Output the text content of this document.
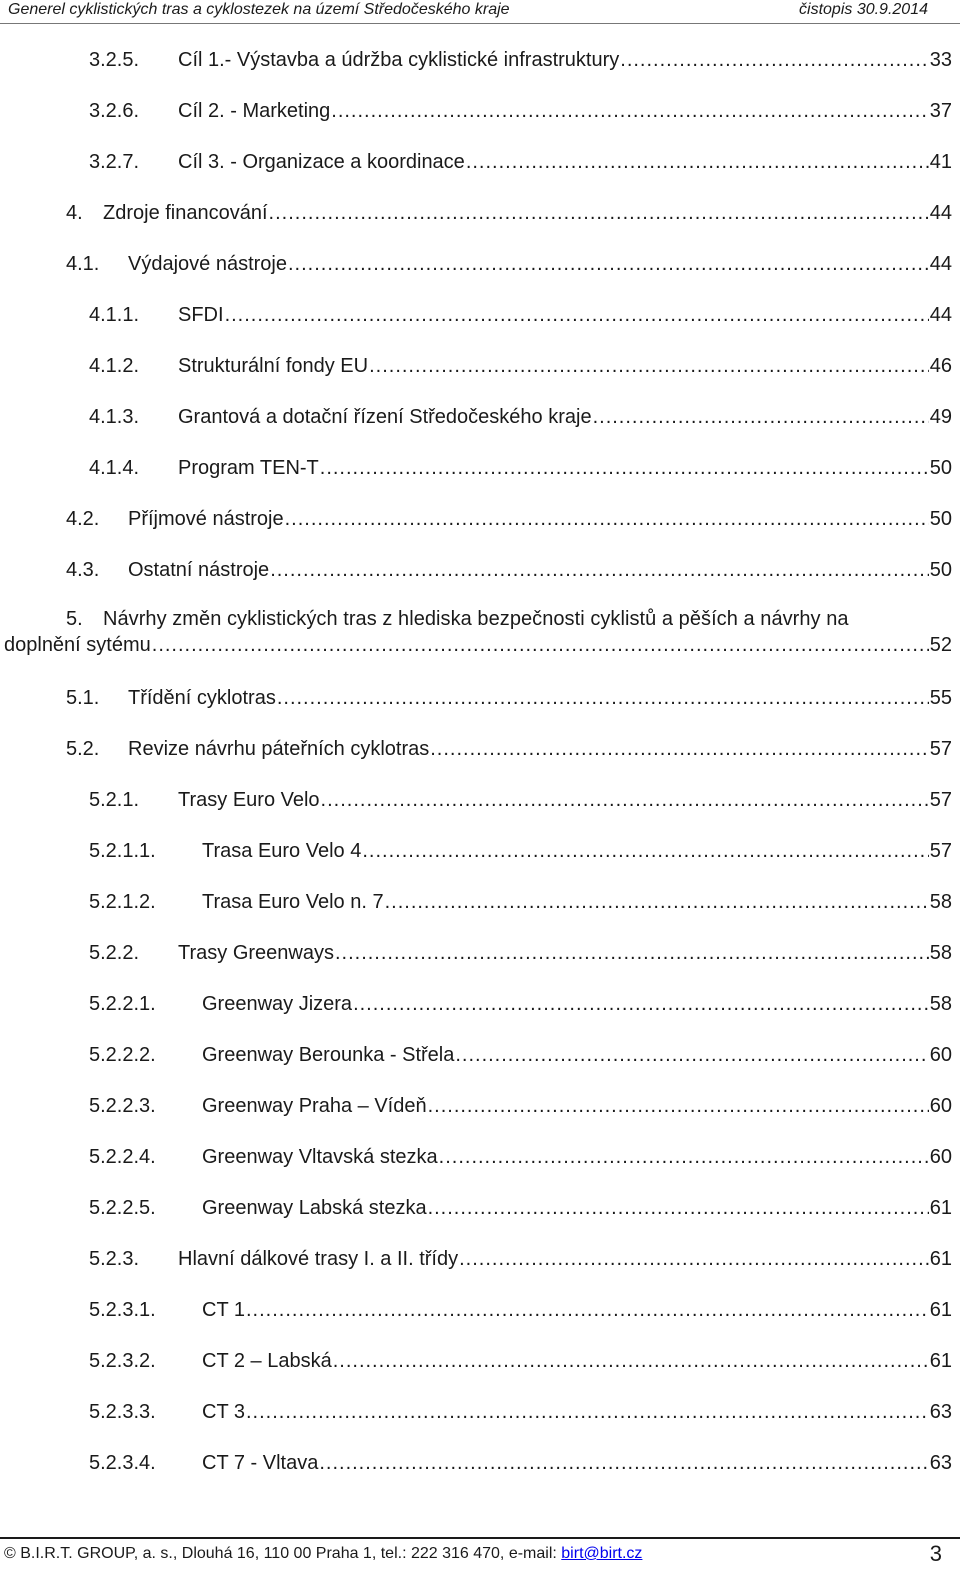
Generel cyklistických tras a cyklostezek na území Středočeského kraje	čistopis 30.9.2014
3.2.5.	Cíl 1.- Výstavba a údržba cyklistické infrastruktury .....	33
3.2.6.	Cíl 2. - Marketing .....	37
3.2.7.	Cíl 3. - Organizace a koordinace .....	41
4.	Zdroje financování .....	44
4.1.	Výdajové nástroje .....	44
4.1.1.	SFDI .....	44
4.1.2.	Strukturální fondy EU .....	46
4.1.3.	Grantová a dotační řízení Středočeského kraje .....	49
4.1.4.	Program TEN-T .....	50
4.2.	Příjmové nástroje .....	50
4.3.	Ostatní nástroje .....	50
5. Návrhy změn cyklistických tras z hlediska bezpečnosti cyklistů a pěších a návrhy na
doplnění sytému .....	52
5.1.	Třídění cyklotras .....	55
5.2.	Revize návrhu páteřních cyklotras .....	57
5.2.1.	Trasy Euro Velo .....	57
5.2.1.1.	Trasa Euro Velo 4 .....	57
5.2.1.2.	Trasa Euro Velo n. 7 .....	58
5.2.2.	Trasy Greenways .....	58
5.2.2.1.	Greenway Jizera .....	58
5.2.2.2.	Greenway Berounka - Střela .....	60
5.2.2.3.	Greenway Praha – Vídeň .....	60
5.2.2.4.	Greenway Vltavská stezka .....	60
5.2.2.5.	Greenway Labská stezka .....	61
5.2.3.	Hlavní dálkové trasy I. a II. třídy .....	61
5.2.3.1.	CT 1 .....	61
5.2.3.2.	CT 2 – Labská .....	61
5.2.3.3.	CT 3 .....	63
5.2.3.4.	CT 7 - Vltava .....	63
© B.I.R.T. GROUP, a. s., Dlouhá 16, 110 00 Praha 1, tel.: 222 316 470, e-mail: birt@birt.cz	3
